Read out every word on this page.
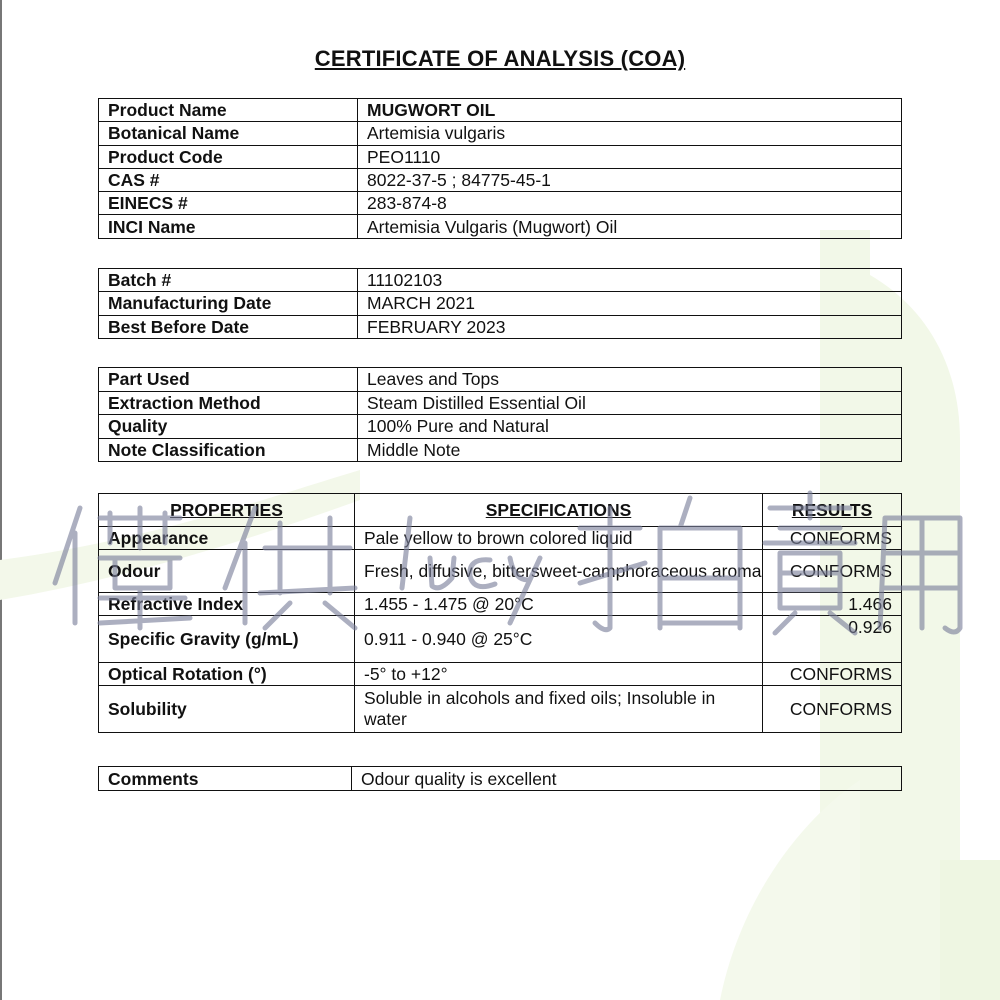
CERTIFICATE OF ANALYSIS (COA)
Product Name	MUGWORT OIL
Botanical Name	Artemisia vulgaris
Product Code	PEO1110
CAS #	8022-37-5 ; 84775-45-1
EINECS #	283-874-8
INCI Name	Artemisia Vulgaris (Mugwort) Oil
Batch #	11102103
Manufacturing Date	MARCH 2021
Best Before Date	FEBRUARY 2023
Part Used	Leaves and Tops
Extraction Method	Steam Distilled Essential Oil
Quality	100% Pure and Natural
Note Classification	Middle Note
PROPERTIES	SPECIFICATIONS	RESULTS
Appearance	Pale yellow to brown colored liquid	CONFORMS
Odour	Fresh, diffusive, bittersweet-camphoraceous aroma	CONFORMS
Refractive Index	1.455 - 1.475 @ 20°C	1.466
Specific Gravity (g/mL)	0.911 - 0.940 @ 25°C	0.926
Optical Rotation (°)	-5° to +12°	CONFORMS
Solubility	Soluble in alcohols and fixed oils; Insoluble in water	CONFORMS
Comments	Odour quality is excellent
